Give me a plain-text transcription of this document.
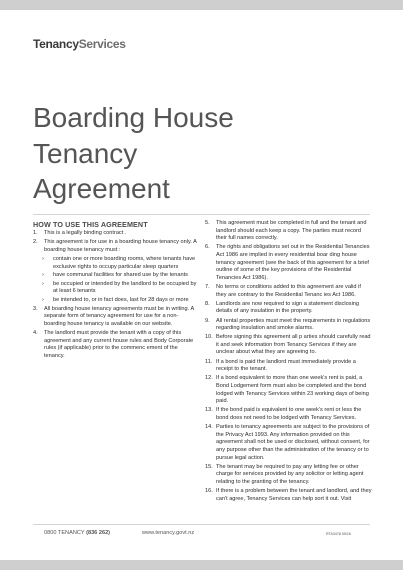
TenancyServices
Boarding House
Tenancy
Agreement
HOW TO USE THIS AGREEMENT
1. This is a legally binding contract .
2. This agreement is for use in a boarding house tenancy only. A boarding house tenancy must :
› contain one or more boarding rooms, where tenants have exclusive rights to occupy particular sleep quarters
› have communal facilities for shared use by the tenants
› be occupied or intended by the landlord to be occupied by at least 6 tenants
› be intended to, or in fact does, last for 28 days or more
3. All boarding house tenancy agreements must be in writing. A separate form of tenancy agreement for use for a non-boarding house tenancy is available on our website.
4. The landlord must provide the tenant with a copy of this agreement and any current house rules and Body Corporate rules (if applicable) prior to the commenc ement of the tenancy.
5. This agreement must be completed in full and the tenant and landlord should each keep a copy. The parties must record their full names correctly.
6. The rights and obligations set out in the Residential Tenancies Act 1986 are implied in every residential boar ding house tenancy agreement (see the back of this agreement for a brief outline of some of the key provisions of the Residential Tenancies Act 1986).
7. No terms or conditions added to this agreement are valid if they are contrary to the Residential Tenanc ies Act 1986.
8. Landlords are now required to sign a statement disclosing details of any insulation in the property.
9. All rental properties must meet the requirements in regulations regarding insulation and smoke alarms.
10. Before signing this agreement all p arties should carefully read it and seek information from Tenancy Services if they are unclear about what they are agreeing to.
11. If a bond is paid the landlord must immediately provide a receipt to the tenant.
12. If a bond equivalent to more than one week's rent is paid, a Bond Lodgement form must also be completed and the bond lodged with Tenancy Services within 23 working days of being paid.
13. If the bond paid is equivalent to one week's rent or less the bond does not need to be lodged with Tenancy Services.
14. Parties to tenancy agreements are subject to the provisions of the Privacy Act 1993. Any information provided on this agreement shall not be used or disclosed, without consent, for any purpose other than the administration of the tenancy or to pursue legal action.
15. The tenant may be required to pay any letting fee or other charge for services provided by any solicitor or letting agent relating to the granting of the tenancy.
16. If there is a problem between the tenant and landlord, and they can't agree, Tenancy Services can help sort it out. Visit
0800 TENANCY (836 262)	www.tenancy.govt.nz	RTA3478 09/16
